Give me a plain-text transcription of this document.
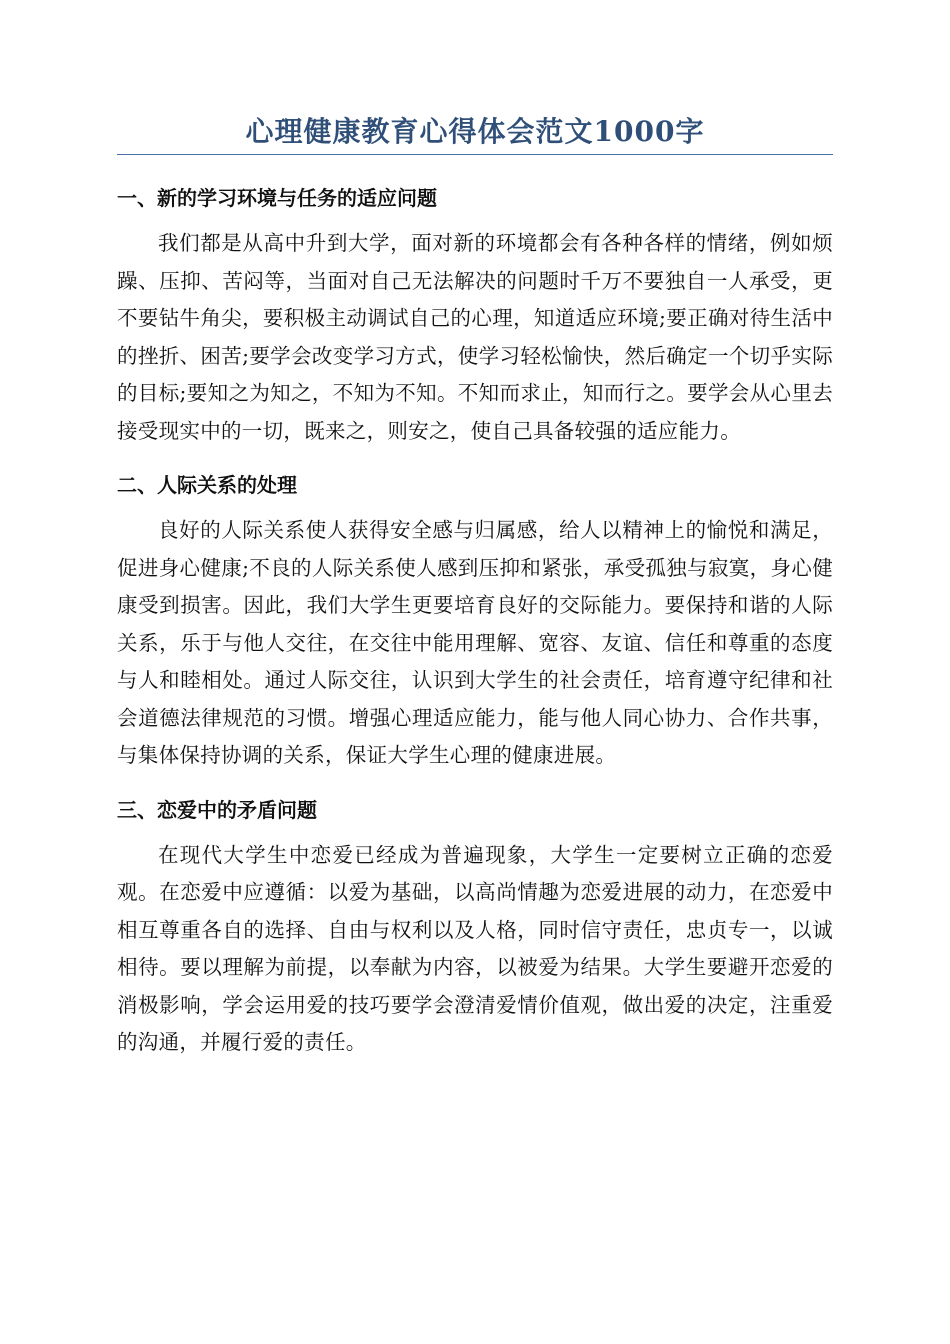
心理健康教育心得体会范文1000字
一、新的学习环境与任务的适应问题

我们都是从高中升到大学，面对新的环境都会有各种各样的情绪，例如烦躁、压抑、苦闷等，当面对自己无法解决的问题时千万不要独自一人承受，更不要钻牛角尖，要积极主动调试自己的心理，知道适应环境;要正确对待生活中的挫折、困苦;要学会改变学习方式，使学习轻松愉快，然后确定一个切乎实际的目标;要知之为知之，不知为不知。不知而求止，知而行之。要学会从心里去接受现实中的一切，既来之，则安之，使自己具备较强的适应能力。

二、人际关系的处理

良好的人际关系使人获得安全感与归属感，给人以精神上的愉悦和满足，促进身心健康;不良的人际关系使人感到压抑和紧张，承受孤独与寂寞，身心健康受到损害。因此，我们大学生更要培育良好的交际能力。要保持和谐的人际关系，乐于与他人交往，在交往中能用理解、宽容、友谊、信任和尊重的态度与人和睦相处。通过人际交往，认识到大学生的社会责任，培育遵守纪律和社会道德法律规范的习惯。增强心理适应能力，能与他人同心协力、合作共事，与集体保持协调的关系，保证大学生心理的健康进展。

三、恋爱中的矛盾问题

在现代大学生中恋爱已经成为普遍现象，大学生一定要树立正确的恋爱观。在恋爱中应遵循：以爱为基础，以高尚情趣为恋爱进展的动力，在恋爱中相互尊重各自的选择、自由与权利以及人格，同时信守责任，忠贞专一，以诚相待。要以理解为前提，以奉献为内容，以被爱为结果。大学生要避开恋爱的消极影响，学会运用爱的技巧要学会澄清爱情价值观，做出爱的决定，注重爱的沟通，并履行爱的责任。
